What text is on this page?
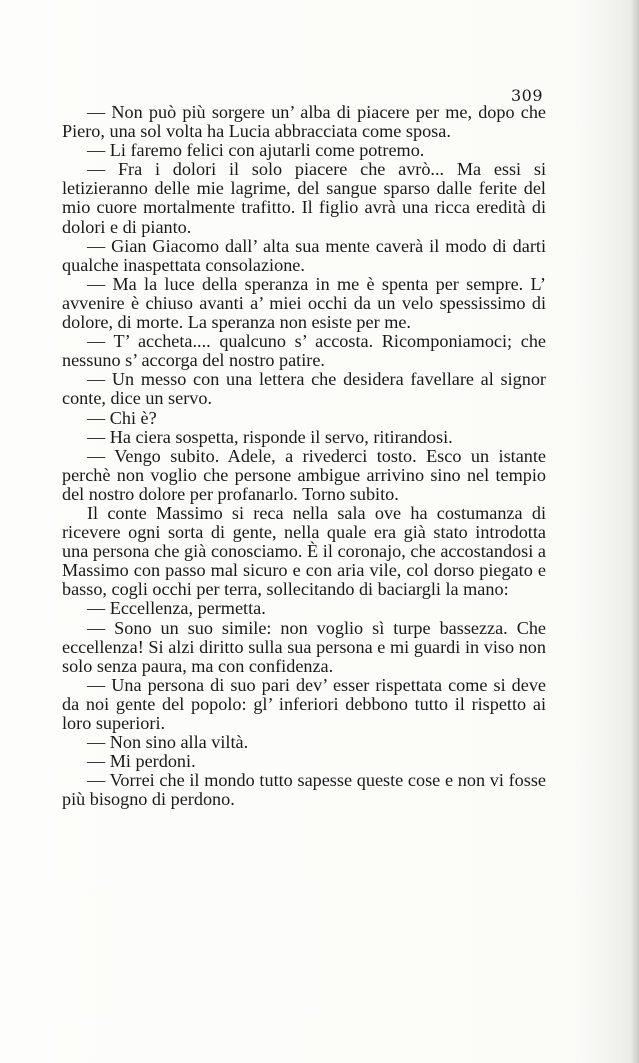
309

— Non può più sorgere un’ alba di piacere per me, dopo che Piero, una sol volta ha Lucia abbracciata come sposa.

— Li faremo felici con ajutarli come potremo.

— Fra i dolori il solo piacere che avrò... Ma essi si letizieranno delle mie lagrime, del sangue sparso dalle ferite del mio cuore mortalmente trafitto. Il figlio avrà una ricca eredità di dolori e di pianto.

— Gian Giacomo dall’ alta sua mente caverà il modo di darti qualche inaspettata consolazione.

— Ma la luce della speranza in me è spenta per sempre. L’ avvenire è chiuso avanti a’ miei occhi da un velo spessissimo di dolore, di morte. La speranza non esiste per me.

— T’ accheta.... qualcuno s’ accosta. Ricomponiamoci; che nessuno s’ accorga del nostro patire.

— Un messo con una lettera che desidera favellare al signor conte, dice un servo.

— Chi è?

— Ha ciera sospetta, risponde il servo, ritirandosi.

— Vengo subito. Adele, a rivederci tosto. Esco un istante perchè non voglio che persone ambigue arrivino sino nel tempio del nostro dolore per profanarlo. Torno subito.

Il conte Massimo si reca nella sala ove ha costumanza di ricevere ogni sorta di gente, nella quale era già stato introdotta una persona che già conosciamo. È il coronajo, che accostandosi a Massimo con passo mal sicuro e con aria vile, col dorso piegato e basso, cogli occhi per terra, sollecitando di baciargli la mano:

— Eccellenza, permetta.

— Sono un suo simile: non voglio sì turpe bassezza. Che eccellenza! Si alzi diritto sulla sua persona e mi guardi in viso non solo senza paura, ma con confidenza.

— Una persona di suo pari dev’ esser rispettata come si deve da noi gente del popolo: gl’ inferiori debbono tutto il rispetto ai loro superiori.

— Non sino alla viltà.

— Mi perdoni.

— Vorrei che il mondo tutto sapesse queste cose e non vi fosse più bisogno di perdono.
